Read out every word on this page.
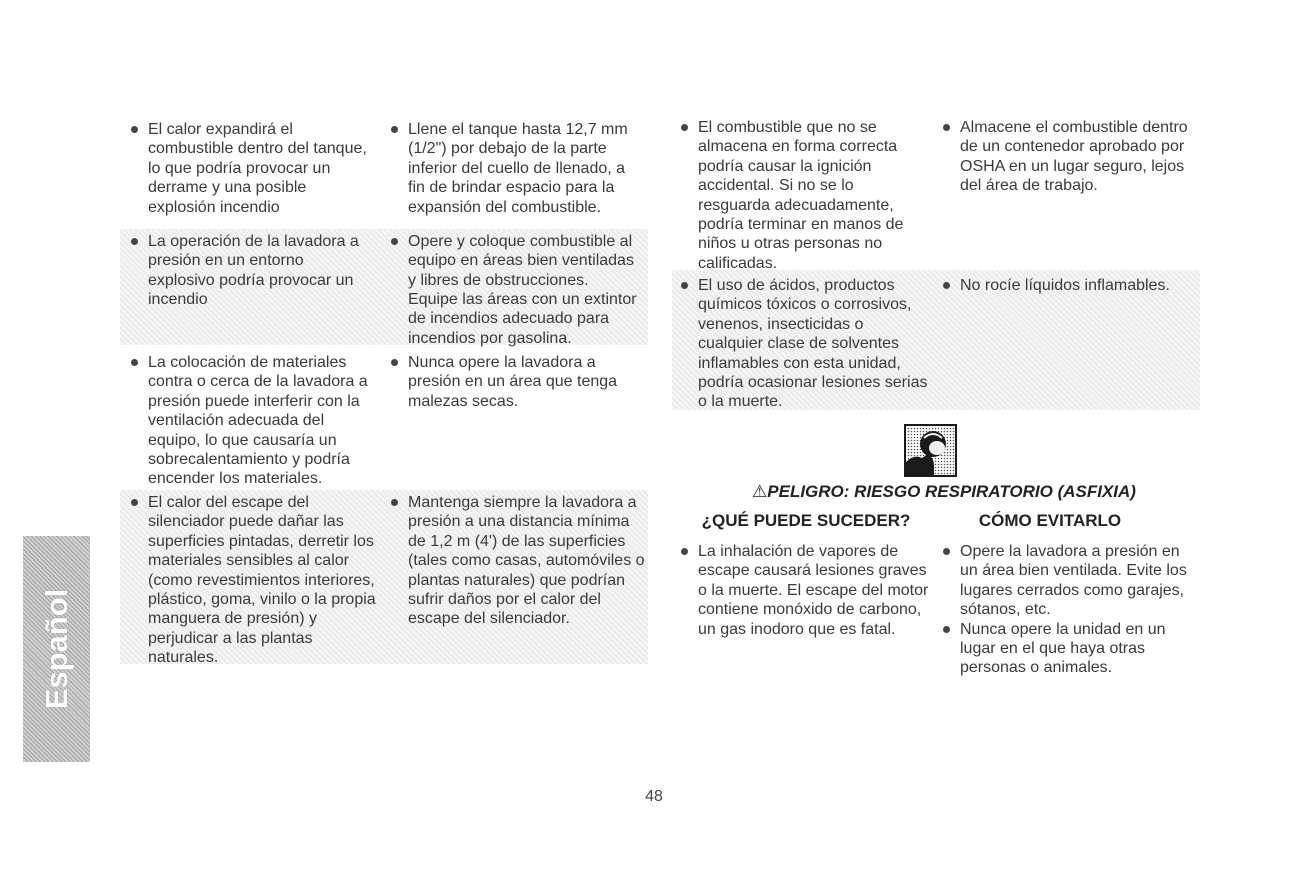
Español

El calor expandirá el combustible dentro del tanque, lo que podría provocar un derrame y una posible explosión incendio

Llene el tanque hasta 12,7 mm (1/2") por debajo de la parte inferior del cuello de llenado, a fin de brindar espacio para la expansión del combustible.

La operación de la lavadora a presión en un entorno explosivo podría provocar un incendio

Opere y coloque combustible al equipo en áreas bien ventiladas y libres de obstrucciones.

Equipe las áreas con un extintor de incendios adecuado para incendios por gasolina.

La colocación de materiales contra o cerca de la lavadora a presión puede interferir con la ventilación adecuada del equipo, lo que causaría un sobrecalentamiento y podría encender los materiales.

Nunca opere la lavadora a presión en un área que tenga malezas secas.

El calor del escape del silenciador puede dañar las superficies pintadas, derretir los materiales sensibles al calor (como revestimientos interiores, plástico, goma, vinilo o la propia manguera de presión) y perjudicar a las plantas naturales.

Mantenga siempre la lavadora a presión a una distancia mínima de 1,2 m (4') de las superficies (tales como casas, automóviles o plantas naturales) que podrían sufrir daños por el calor del escape del silenciador.

El combustible que no se almacena en forma correcta podría causar la ignición accidental. Si no se lo resguarda adecuadamente, podría terminar en manos de niños u otras personas no calificadas.

Almacene el combustible dentro de un contenedor aprobado por OSHA en un lugar seguro, lejos del área de trabajo.

El uso de ácidos, productos químicos tóxicos o corrosivos, venenos, insecticidas o cualquier clase de solventes inflamables con esta unidad, podría ocasionar lesiones serias o la muerte.

No rocíe líquidos inflamables.

⚠PELIGRO: RIESGO RESPIRATORIO (ASFIXIA)
¿QUÉ PUEDE SUCEDER?	CÓMO EVITARLO

La inhalación de vapores de escape causará lesiones graves o la muerte. El escape del motor contiene monóxido de carbono, un gas inodoro que es fatal.

Opere la lavadora a presión en un área bien ventilada. Evite los lugares cerrados como garajes, sótanos, etc.

Nunca opere la unidad en un lugar en el que haya otras personas o animales.

48
